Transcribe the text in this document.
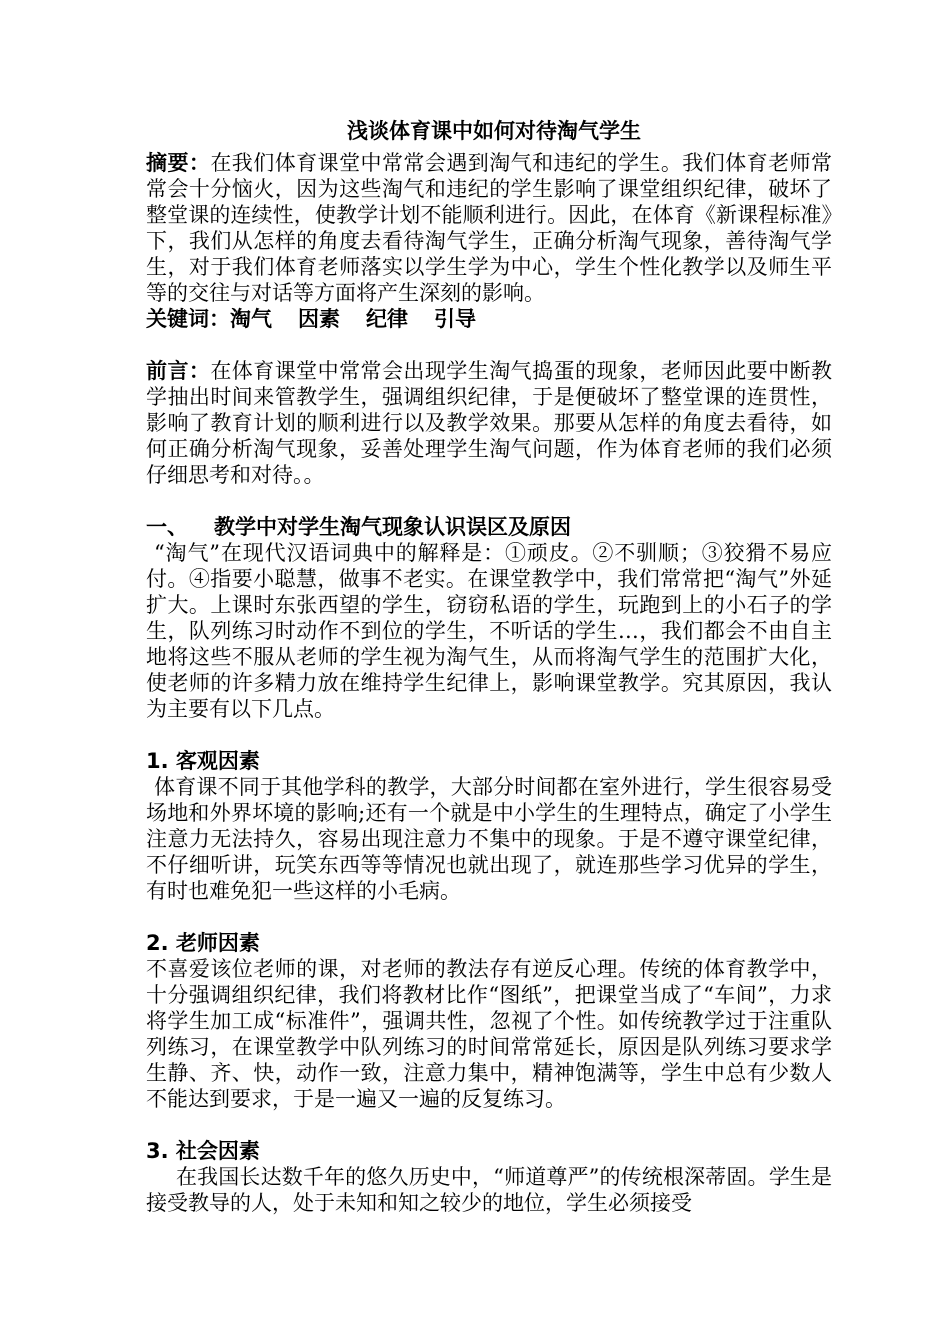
浅谈体育课中如何对待淘气学生

摘要：在我们体育课堂中常常会遇到淘气和违纪的学生。我们体育老师常常会十分恼火，因为这些淘气和违纪的学生影响了课堂组织纪律，破坏了整堂课的连续性，使教学计划不能顺利进行。因此，在体育《新课程标准》下，我们从怎样的角度去看待淘气学生，正确分析淘气现象，善待淘气学生，对于我们体育老师落实以学生学为中心，学生个性化教学以及师生平等的交往与对话等方面将产生深刻的影响。

关键词：淘气 因素 纪律 引导

前言：在体育课堂中常常会出现学生淘气捣蛋的现象，老师因此要中断教学抽出时间来管教学生，强调组织纪律，于是便破坏了整堂课的连贯性，影响了教育计划的顺利进行以及教学效果。那要从怎样的角度去看待，如何正确分析淘气现象，妥善处理学生淘气问题，作为体育老师的我们必须仔细思考和对待。。

一、 教学中对学生淘气现象认识误区及原因

“淘气”在现代汉语词典中的解释是：①顽皮。②不驯顺；③狡猾不易应付。④指要小聪慧，做事不老实。在课堂教学中，我们常常把“淘气”外延扩大。上课时东张西望的学生，窃窃私语的学生，玩跑到上的小石子的学生，队列练习时动作不到位的学生，不听话的学生…，我们都会不由自主地将这些不服从老师的学生视为淘气生，从而将淘气学生的范围扩大化，使老师的许多精力放在维持学生纪律上，影响课堂教学。究其原因，我认为主要有以下几点。

1. 客观因素

体育课不同于其他学科的教学，大部分时间都在室外进行，学生很容易受场地和外界坏境的影响;还有一个就是中小学生的生理特点，确定了小学生注意力无法持久，容易出现注意力不集中的现象。于是不遵守课堂纪律，不仔细听讲，玩笑东西等等情况也就出现了，就连那些学习优异的学生，有时也难免犯一些这样的小毛病。

2. 老师因素

不喜爱该位老师的课，对老师的教法存有逆反心理。传统的体育教学中，十分强调组织纪律，我们将教材比作“图纸”，把课堂当成了“车间”，力求将学生加工成“标准件”，强调共性，忽视了个性。如传统教学过于注重队列练习，在课堂教学中队列练习的时间常常延长，原因是队列练习要求学生静、齐、快，动作一致，注意力集中，精神饱满等，学生中总有少数人不能达到要求，于是一遍又一遍的反复练习。

3. 社会因素

在我国长达数千年的悠久历史中，“师道尊严”的传统根深蒂固。学生是接受教导的人，处于未知和知之较少的地位，学生必须接受
